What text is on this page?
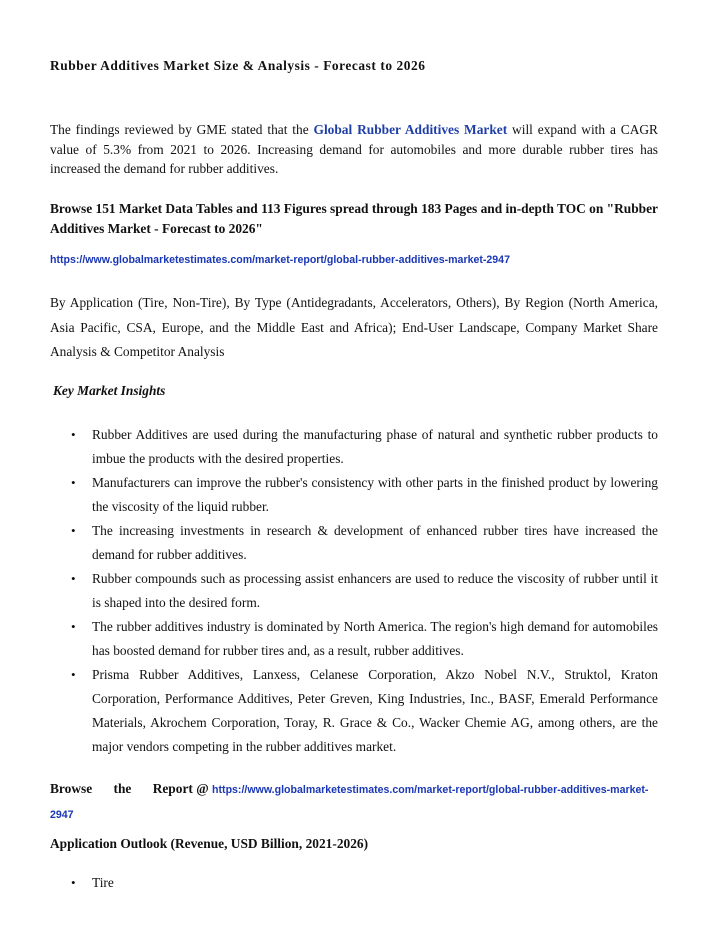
Rubber Additives Market Size & Analysis - Forecast to 2026

The findings reviewed by GME stated that the Global Rubber Additives Market will expand with a CAGR value of 5.3% from 2021 to 2026. Increasing demand for automobiles and more durable rubber tires has increased the demand for rubber additives.

Browse 151 Market Data Tables and 113 Figures spread through 183 Pages and in-depth TOC on "Rubber Additives Market - Forecast to 2026"
https://www.globalmarketestimates.com/market-report/global-rubber-additives-market-2947

By Application (Tire, Non-Tire), By Type (Antidegradants, Accelerators, Others), By Region (North America, Asia Pacific, CSA, Europe, and the Middle East and Africa); End-User Landscape, Company Market Share Analysis & Competitor Analysis

Key Market Insights
• Rubber Additives are used during the manufacturing phase of natural and synthetic rubber products to imbue the products with the desired properties.
• Manufacturers can improve the rubber's consistency with other parts in the finished product by lowering the viscosity of the liquid rubber.
• The increasing investments in research & development of enhanced rubber tires have increased the demand for rubber additives.
• Rubber compounds such as processing assist enhancers are used to reduce the viscosity of rubber until it is shaped into the desired form.
• The rubber additives industry is dominated by North America. The region's high demand for automobiles has boosted demand for rubber tires and, as a result, rubber additives.
• Prisma Rubber Additives, Lanxess, Celanese Corporation, Akzo Nobel N.V., Struktol, Kraton Corporation, Performance Additives, Peter Greven, King Industries, Inc., BASF, Emerald Performance Materials, Akrochem Corporation, Toray, R. Grace & Co., Wacker Chemie AG, among others, are the major vendors competing in the rubber additives market.
Browse the Report @ https://www.globalmarketestimates.com/market-report/global-rubber-additives-market-2947
Application Outlook (Revenue, USD Billion, 2021-2026)
• Tire
